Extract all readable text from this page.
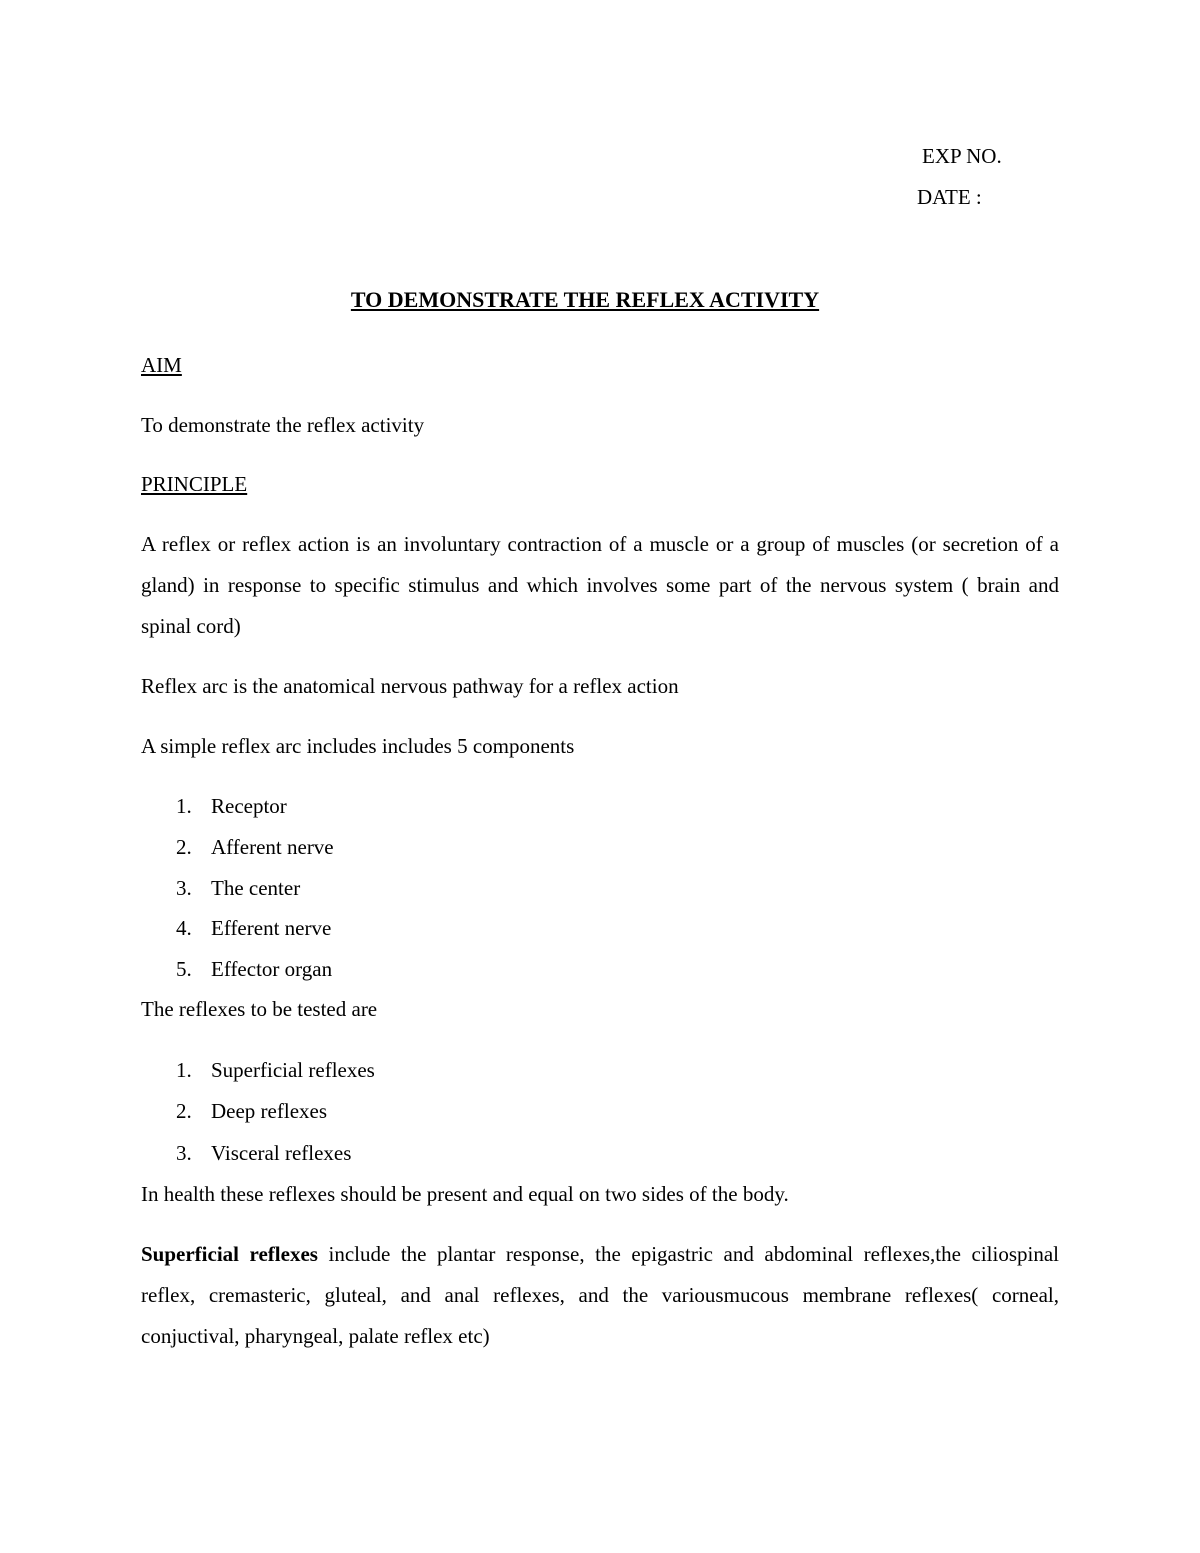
EXP NO.
DATE :
TO DEMONSTRATE THE REFLEX ACTIVITY
AIM
To demonstrate the reflex activity
PRINCIPLE
A reflex or reflex action is an involuntary contraction of a muscle or a group of muscles (or secretion of a gland) in response to specific stimulus and which involves some part of the nervous system ( brain and spinal cord)
Reflex arc is the anatomical nervous pathway for a reflex action
A simple reflex arc includes includes 5 components
1. Receptor
2. Afferent nerve
3. The center
4. Efferent nerve
5. Effector organ
The reflexes to be tested are
1. Superficial reflexes
2. Deep reflexes
3. Visceral reflexes
In health these reflexes should be present and equal on two sides of the body.
Superficial reflexes include the plantar response, the epigastric and abdominal reflexes,the ciliospinal reflex, cremasteric, gluteal, and anal reflexes, and the variousmucous membrane reflexes( corneal, conjuctival, pharyngeal, palate reflex etc)
